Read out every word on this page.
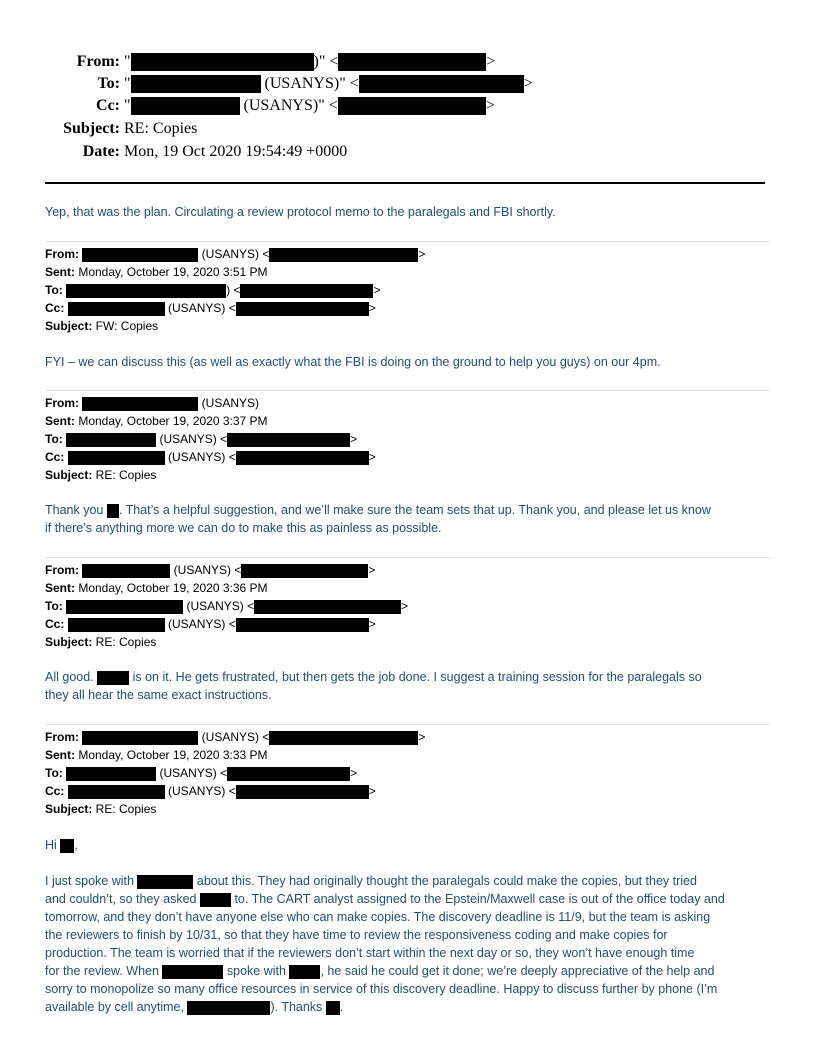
From: "	)" <	>
To: "	(USANYS)" <	>
Cc: "	(USANYS)" <	>
Subject: RE: Copies
Date: Mon, 19 Oct 2020 19:54:49 +0000
Yep, that was the plan. Circulating a review protocol memo to the paralegals and FBI shortly.
From:	(USANYS) <	>
Sent: Monday, October 19, 2020 3:51 PM
To:	) <	>
Cc:	(USANYS) <	>
Subject: FW: Copies
FYI – we can discuss this (as well as exactly what the FBI is doing on the ground to help you guys) on our 4pm.
From:	(USANYS)
Sent: Monday, October 19, 2020 3:37 PM
To:	(USANYS) <	>
Cc:	(USANYS) <	>
Subject: RE: Copies
Thank you . That’s a helpful suggestion, and we’ll make sure the team sets that up. Thank you, and please let us know
if there’s anything more we can do to make this as painless as possible.
From:	(USANYS) <	>
Sent: Monday, October 19, 2020 3:36 PM
To:	(USANYS) <	>
Cc:	(USANYS) <	>
Subject: RE: Copies
All good.	is on it. He gets frustrated, but then gets the job done. I suggest a training session for the paralegals so
they all hear the same exact instructions.
From:	(USANYS) <	>
Sent: Monday, October 19, 2020 3:33 PM
To:	(USANYS) <	>
Cc:	(USANYS) <	>
Subject: RE: Copies
Hi ,
I just spoke with	about this. They had originally thought the paralegals could make the copies, but they tried
and couldn’t, so they asked  to. The CART analyst assigned to the Epstein/Maxwell case is out of the office today and
tomorrow, and they don’t have anyone else who can make copies. The discovery deadline is 11/9, but the team is asking
the reviewers to finish by 10/31, so that they have time to review the responsiveness coding and make copies for
production. The team is worried that if the reviewers don’t start within the next day or so, they won’t have enough time
for the review. When	spoke with , he said he could get it done; we’re deeply appreciative of the help and
sorry to monopolize so many office resources in service of this discovery deadline. Happy to discuss further by phone (I’m
available by cell anytime,	). Thanks .
